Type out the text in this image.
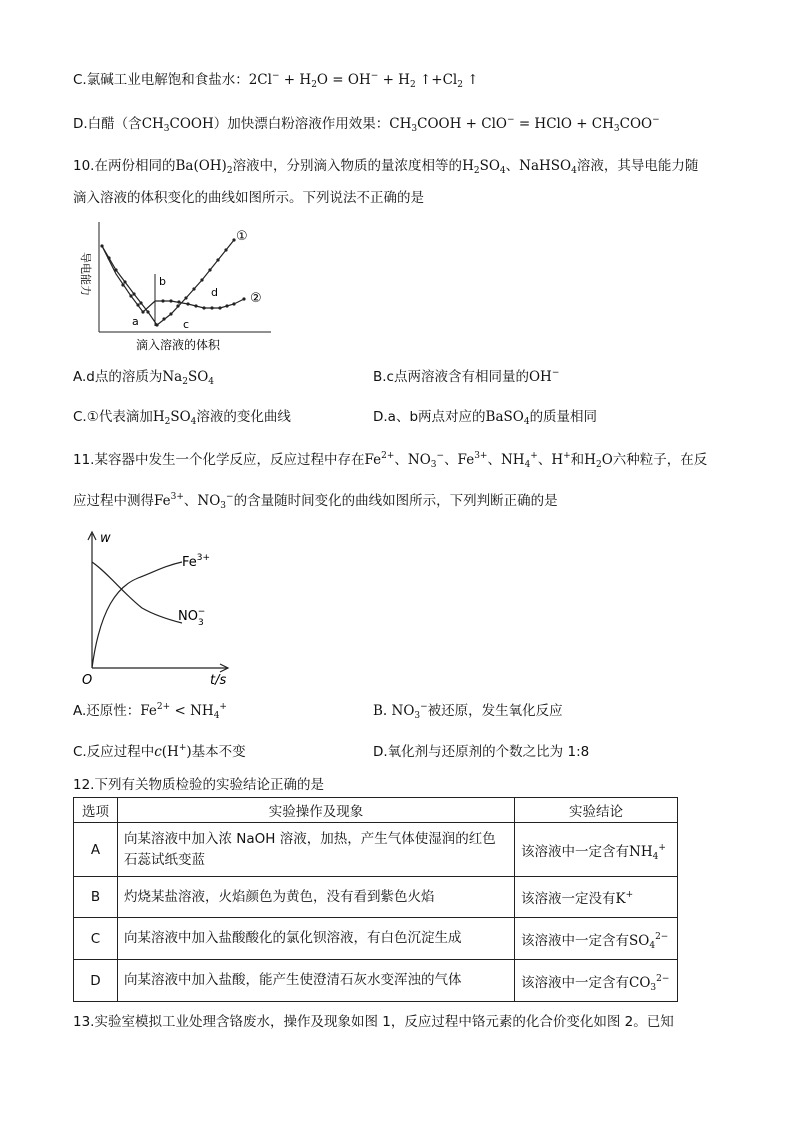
C.氯碱工业电解饱和食盐水：$2Cl^- + H_2O = OH^- + H_2$ $↑+Cl_2$ ↑
D.白醋（含$CH_3COOH$）加快漂白粉溶液作用效果：$CH_3COOH + ClO^-$ = HClO + $CH_3COO^-$
10.在两份相同的$Ba(OH)_2$溶液中，分别滴入物质的量浓度相等的$H_2SO_4$、NaHSO$_4$溶液，其导电能力随
滴入溶液的体积变化的曲线如图所示。下列说法不正确的是
导电能力
滴入溶液的体积
①
②
a
b
c
d
A.d点的溶质为$Na_2SO_4$	B.c点两溶液含有相同量的OH−
C.①代表滴加$H_2SO_4$溶液的变化曲线	D.a、b两点对应的BaSO$_4$的质量相同
11.某容器中发生一个化学反应，反应过程中存在$Fe^{2+}$、$NO_3^-$、$Fe^{3+}$、$NH_4^+$、H+和$H_2O$六种粒子，在反
应过程中测得$Fe^{3+}$、$NO_3^-$的含量随时间变化的曲线如图所示，下列判断正确的是
w
t/s
O
$Fe^{3+}$
$NO_3-$
A.还原性：$Fe^{2+} < NH_4^+$	B. $NO_3^-$被还原，发生氧化反应
C.反应过程中c(H+)基本不变	D.氧化剂与还原剂的个数之比为 1:8
12.下列有关物质检验的实验结论正确的是
选项	实验操作及现象	实验结论
A	向某溶液中加入浓 NaOH 溶液，加热，产生气体使湿润的红色石蕊试纸变蓝	该溶液中一定含有$NH_4^+$
B	灼烧某盐溶液，火焰颜色为黄色，没有看到紫色火焰	该溶液一定没有K+
C	向某溶液中加入盐酸酸化的氯化钡溶液，有白色沉淀生成	该溶液中一定含有$SO_4^{2-}$
D	向某溶液中加入盐酸，能产生使澄清石灰水变浑浊的气体	该溶液中一定含有$CO_3^{2-}$
13.实验室模拟工业处理含铬废水，操作及现象如图 1，反应过程中铬元素的化合价变化如图 2。已知
